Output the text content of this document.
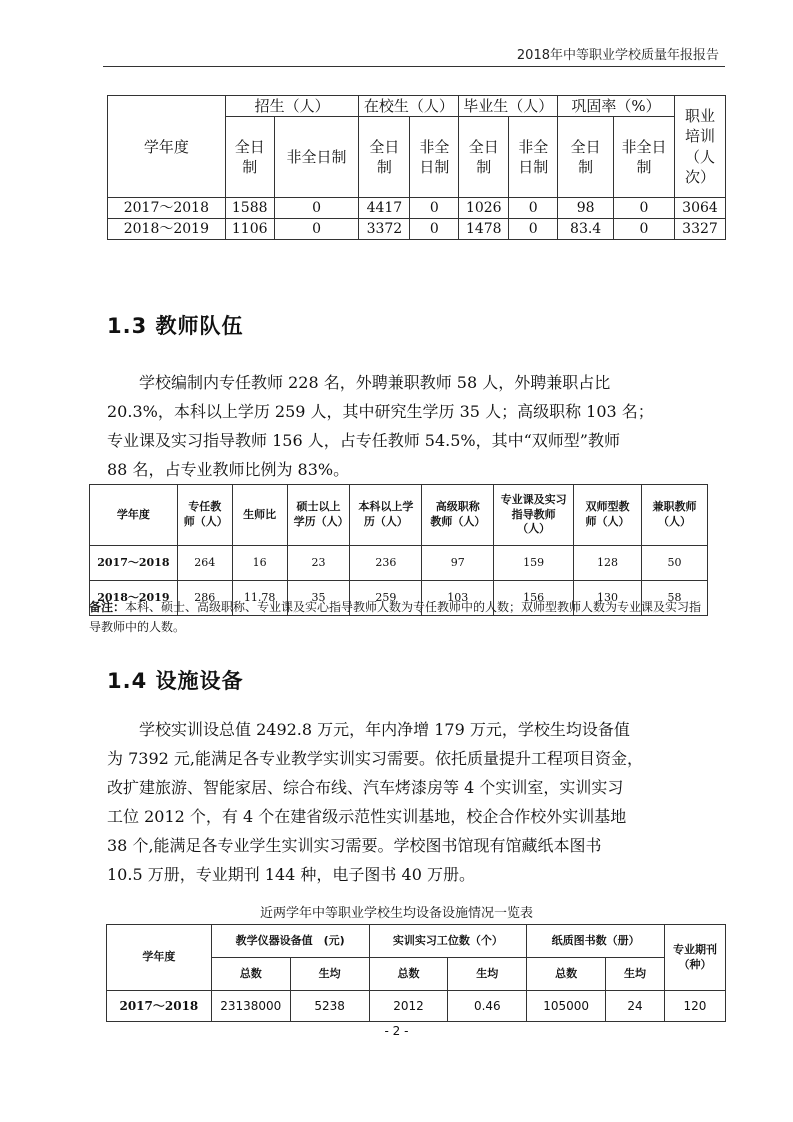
2018年中等职业学校质量年报报告
学年度	招生（人）		在校生（人）		毕业生（人）		巩固率（%）		职业培训（人次）
	全日制	非全日制	全日制	非全日制	全日制	非全日制	全日制	非全日制	
2017～2018	1588	0	4417	0	1026	0	98	0	3064
2018～2019	1106	0	3372	0	1478	0	83.4	0	3327
1.3 教师队伍
学校编制内专任教师 228 名，外聘兼职教师 58 人，外聘兼职占比
20.3%，本科以上学历 259 人，其中研究生学历 35 人；高级职称 103 名；
专业课及实习指导教师 156 人，占专任教师 54.5%，其中“双师型”教师
88 名，占专业教师比例为 83%。
学年度	专任教师（人）	生师比	硕士以上学历（人）	本科以上学历（人）	高级职称教师（人）	专业课及实习指导教师（人）	双师型教师（人）	兼职教师（人）
2017～2018	264	16	23	236	97	159	128	50
2018～2019	286	11.78	35	259	103	156	130	58
备注：本科、硕士、高级职称、专业课及实心指导教师人数为专任教师中的人数；双师型教师人数为专业课及实习指导教师中的人数。
1.4 设施设备
学校实训设总值 2492.8 万元，年内净增 179 万元，学校生均设备值
为 7392 元,能满足各专业教学实训实习需要。依托质量提升工程项目资金，
改扩建旅游、智能家居、综合布线、汽车烤漆房等 4 个实训室，实训实习
工位 2012 个，有 4 个在建省级示范性实训基地，校企合作校外实训基地
38 个,能满足各专业学生实训实习需要。学校图书馆现有馆藏纸本图书
10.5 万册，专业期刊 144 种，电子图书 40 万册。
近两学年中等职业学校生均设备设施情况一览表
学年度	教学仪器设备值　(元)		实训实习工位数（个）		纸质图书数（册）		专业期刊（种）
	总数	生均	总数	生均	总数	生均	
2017～2018	23138000	5238	2012	0.46	105000	24	120
- 2 -
